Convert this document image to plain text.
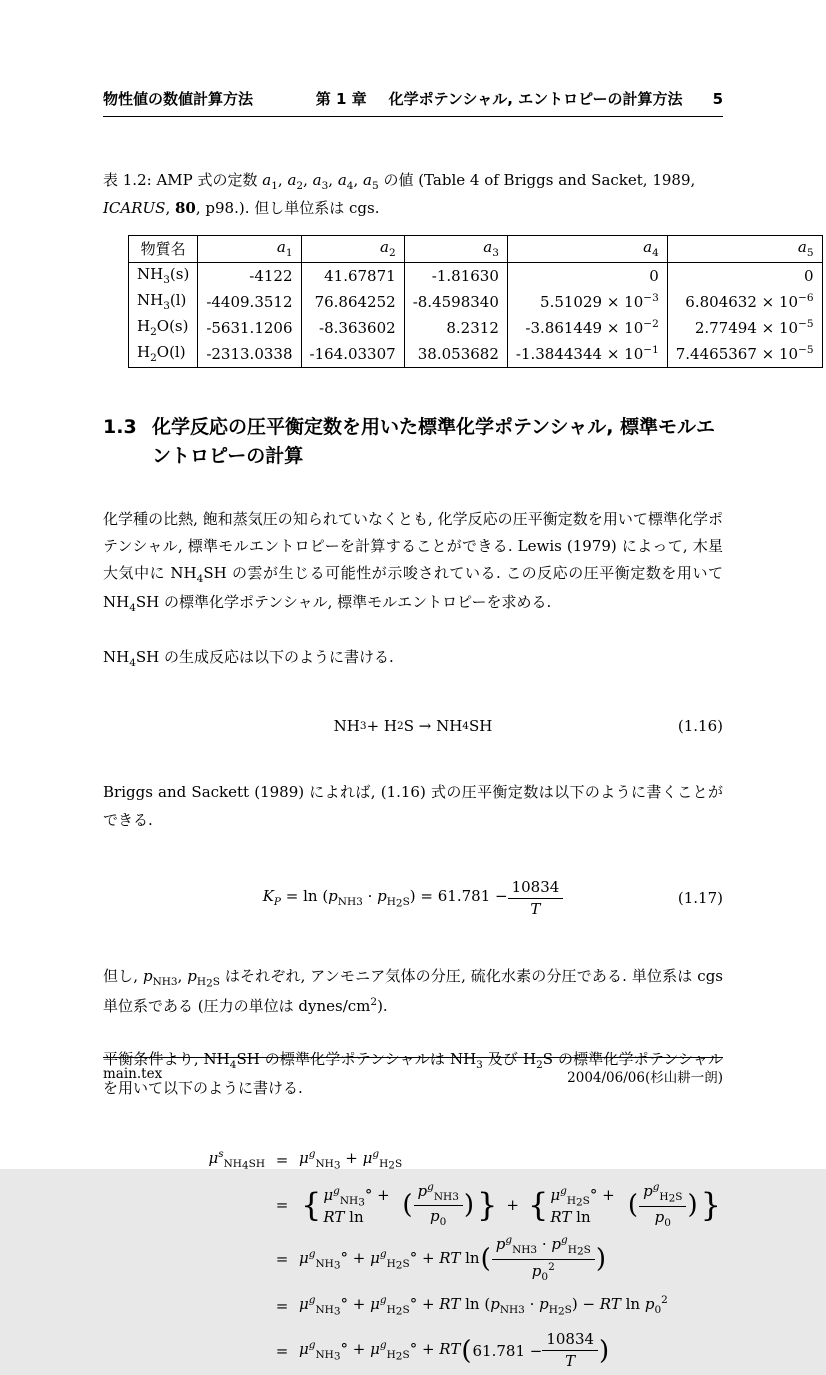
物性値の数値計算方法	第 1 章 化学ポテンシャル, エントロピーの計算方法 5
表 1.2: AMP 式の定数 $a_1$, $a_2$, $a_3$, $a_4$, $a_5$ の値 (Table 4 of Briggs and Sacket, 1989, ICARUS, 80, p98.). 但し単位系は cgs.
物質名	$a_1$	$a_2$	$a_3$	$a_4$	$a_5$
$NH_3(s)$	-4122	41.67871	-1.81630	0	0
$NH_3(l)$	-4409.3512	76.864252	-8.4598340	$5.51029 \times 10^{-3}$	$6.804632 \times 10^{-6}$
$H_2O(s)$	-5631.1206	-8.363602	8.2312	$-3.861449 \times 10^{-2}$	$2.77494 \times 10^{-5}$
$H_2O(l)$	-2313.0338	-164.03307	38.053682	$-1.3844344 \times 10^{-1}$	$7.4465367 \times 10^{-5}$
1.3 化学反応の圧平衡定数を用いた標準化学ポテンシャル, 標準モルエントロピーの計算
化学種の比熱, 飽和蒸気圧の知られていなくとも, 化学反応の圧平衡定数を用いて標準化学ポテンシャル, 標準モルエントロピーを計算することができる. Lewis (1979) によって, 木星大気中に $NH_4SH$ の雲が生じる可能性が示唆されている. この反応の圧平衡定数を用いて $NH_4SH$ の標準化学ポテンシャル, 標準モルエントロピーを求める.
$NH_4SH$ の生成反応は以下のように書ける.
NH 3 + H 2 S → NH 4 SH	(1.16)
Briggs and Sackett (1989) によれば, (1.16) 式の圧平衡定数は以下のように書くことができる.
$K_P = \ln (p_{NH3} \cdot p_{H_2S}) = 61.781 - \frac{10834}{T}$	(1.17)
但し, $p_{NH3}$, $p_{H_2S}$ はそれぞれ, アンモニア気体の分圧, 硫化水素の分圧である. 単位系は cgs 単位系である (圧力の単位は dynes/$cm^2$).
平衡条件より, $NH_4SH$ の標準化学ポテンシャルは $NH_3$ 及び $H_2S$ の標準化学ポテンシャルを用いて以下のように書ける.
$\mu^s_{NH_4SH} = \mu^g_{NH_3} + \mu^g_{H_2S}$
= { $\mu^g_{NH_3}^\circ$ + RT ln	( $\frac{p^g_{NH3}}{p_0}$ ) } + { $\mu^g_{H_2S}^\circ$ + RT ln	( $\frac{p^g_{H_2S}}{p_0}$ ) }
= $\mu^g_{NH_3}^\circ + \mu^g_{H_2S}^\circ$ + RT ln ( $\frac{p^g_{NH3} \cdot p^g_{H_2S}}{p_0^2}$ )
= $\mu^g_{NH_3}^\circ + \mu^g_{H_2S}^\circ$ + RT $\ln (p_{NH3} \cdot p_{H_2S})$ − RT $\ln p_0^2$
= $\mu^g_{NH_3}^\circ + \mu^g_{H_2S}^\circ$ + RT ( $61.781 - \frac{10834}{T}$ )
main.tex	2004/06/06(杉山耕一朗)
